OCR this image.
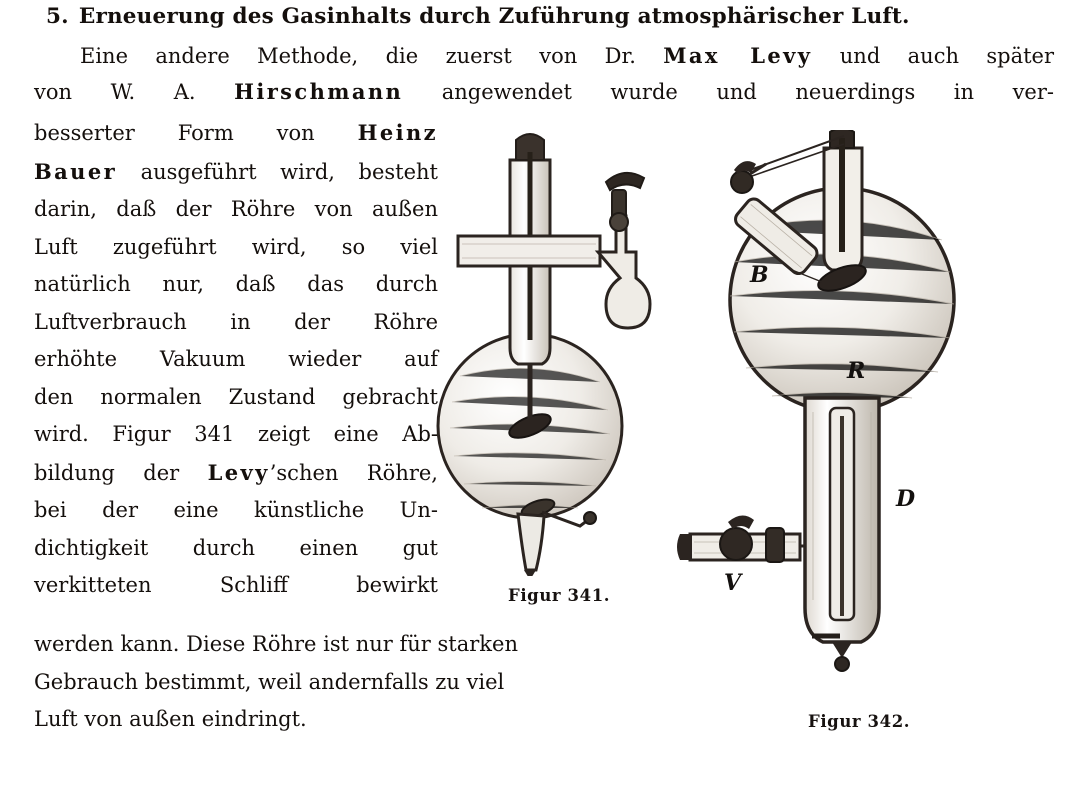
5. Erneuerung des Gasinhalts durch Zuführung atmosphärischer Luft.
Eine andere Methode, die zuerst von Dr. Max Levy und auch später
von W. A. Hirschmann angewendet wurde und neuerdings in ver-
besserter Form von Heinz
Bauer ausgeführt wird, besteht
darin, daß der Röhre von außen
Luft zugeführt wird, so viel
natürlich nur, daß das durch
Luftverbrauch in der Röhre
erhöhte Vakuum wieder auf
den normalen Zustand gebracht
wird. Figur 341 zeigt eine Ab-
bildung der Levy’schen Röhre,
bei der eine künstliche Un-
dichtigkeit durch einen gut
verkitteten Schliff bewirkt
werden kann. Diese Röhre ist nur für starken
Gebrauch bestimmt, weil andernfalls zu viel
Luft von außen eindringt.
Figur 341.
B
R
D
V
Figur 342.
